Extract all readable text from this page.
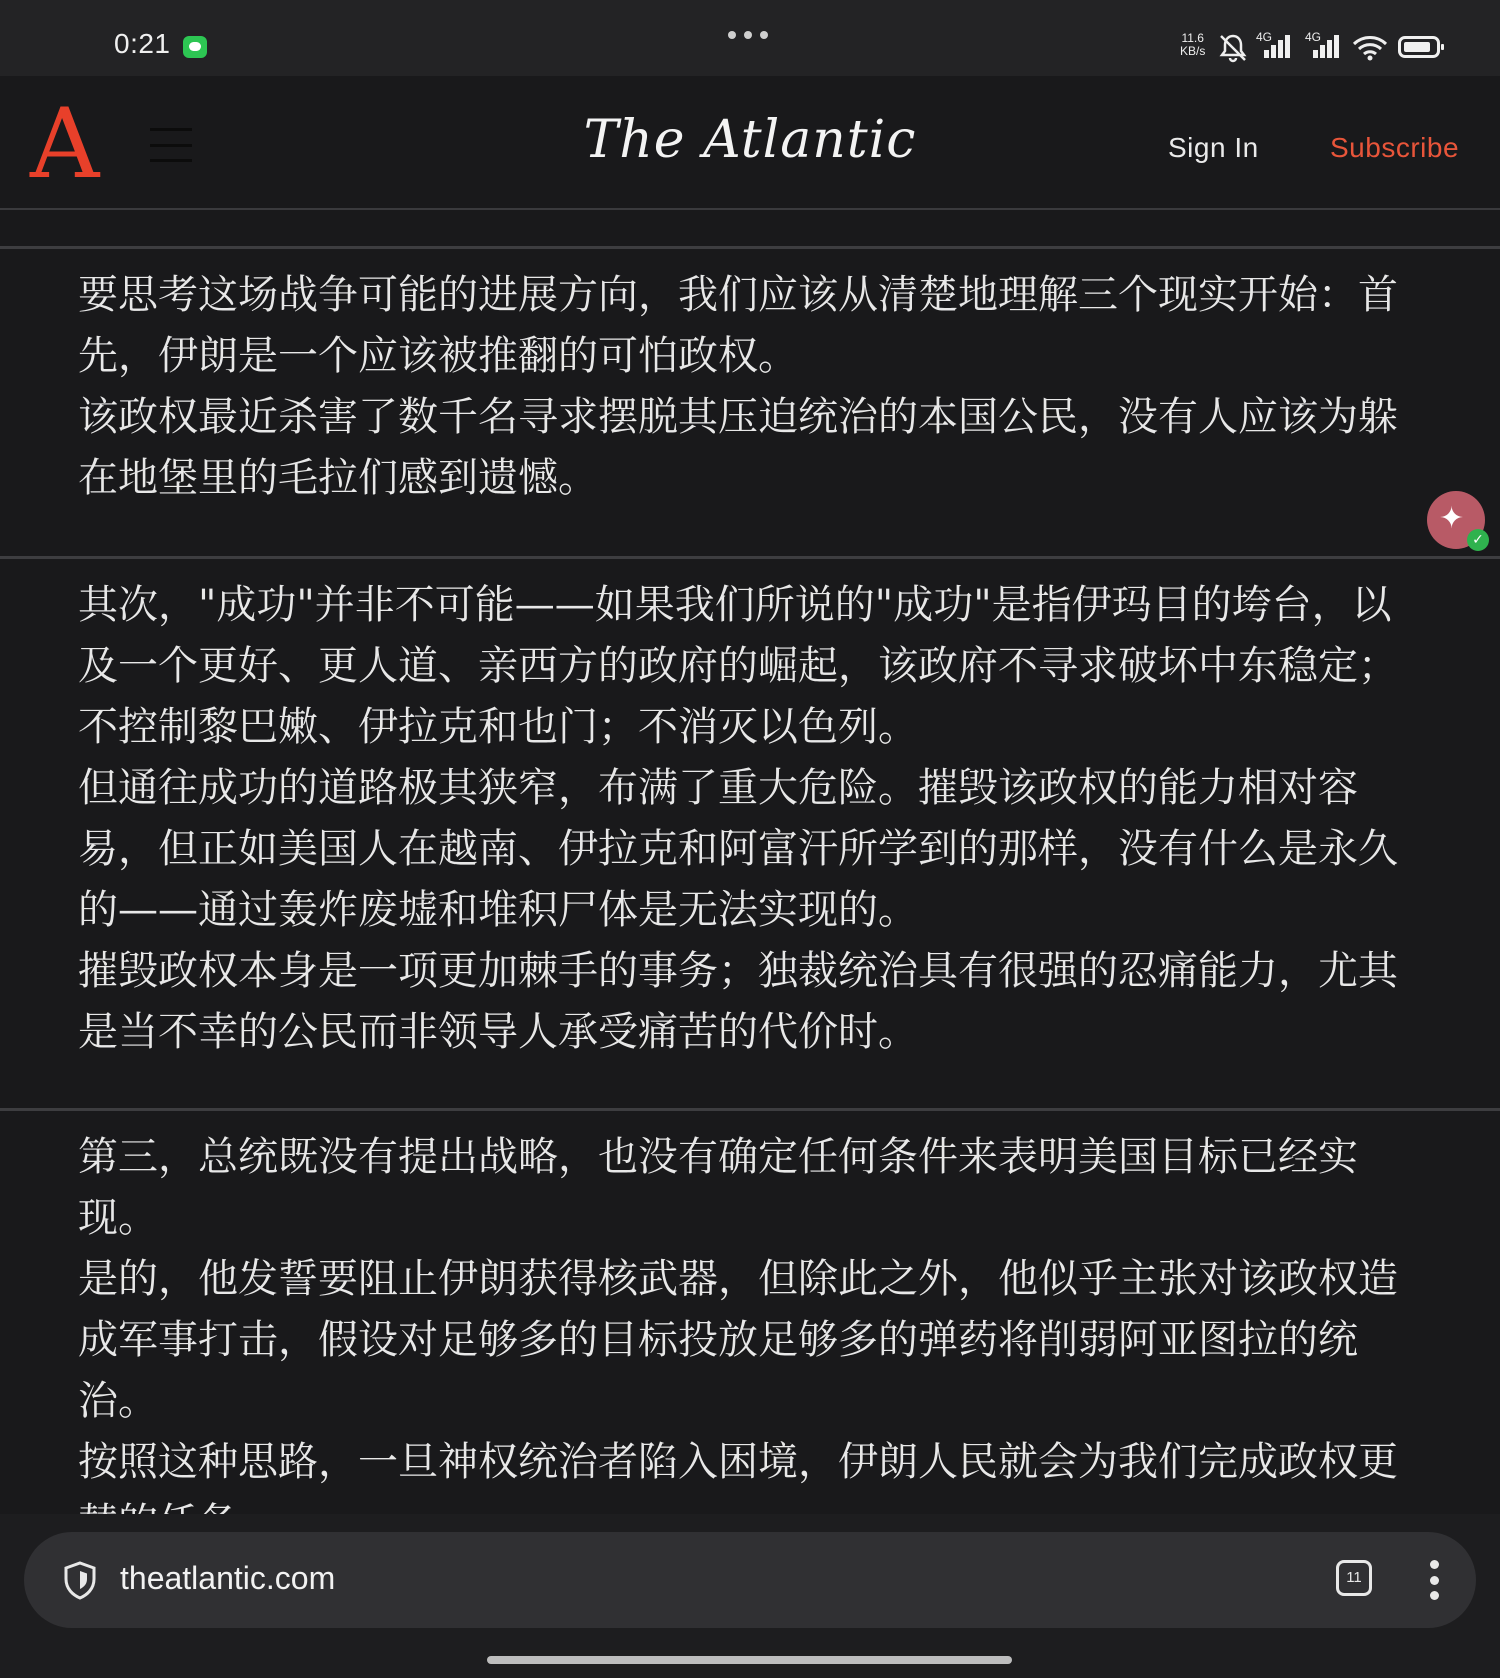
0:21	11.6
KB/s
4G	4G
A	The Atlantic	Sign In	Subscribe

要思考这场战争可能的进展方向，我们应该从清楚地理解三个现实开始：首先，伊朗是一个应该被推翻的可怕政权。

该政权最近杀害了数千名寻求摆脱其压迫统治的本国公民，没有人应该为躲在地堡里的毛拉们感到遗憾。

✦
✓

其次，"成功"并非不可能——如果我们所说的"成功"是指伊玛目的垮台，以及一个更好、更人道、亲西方的政府的崛起，该政府不寻求破坏中东稳定；不控制黎巴嫩、伊拉克和也门；不消灭以色列。

但通往成功的道路极其狭窄，布满了重大危险。摧毁该政权的能力相对容易，但正如美国人在越南、伊拉克和阿富汗所学到的那样，没有什么是永久的——通过轰炸废墟和堆积尸体是无法实现的。

摧毁政权本身是一项更加棘手的事务；独裁统治具有很强的忍痛能力，尤其是当不幸的公民而非领导人承受痛苦的代价时。

第三，总统既没有提出战略，也没有确定任何条件来表明美国目标已经实现。

是的，他发誓要阻止伊朗获得核武器，但除此之外，他似乎主张对该政权造成军事打击，假设对足够多的目标投放足够多的弹药将削弱阿亚图拉的统治。

按照这种思路，一旦神权统治者陷入困境，伊朗人民就会为我们完成政权更

theatlantic.com	11
